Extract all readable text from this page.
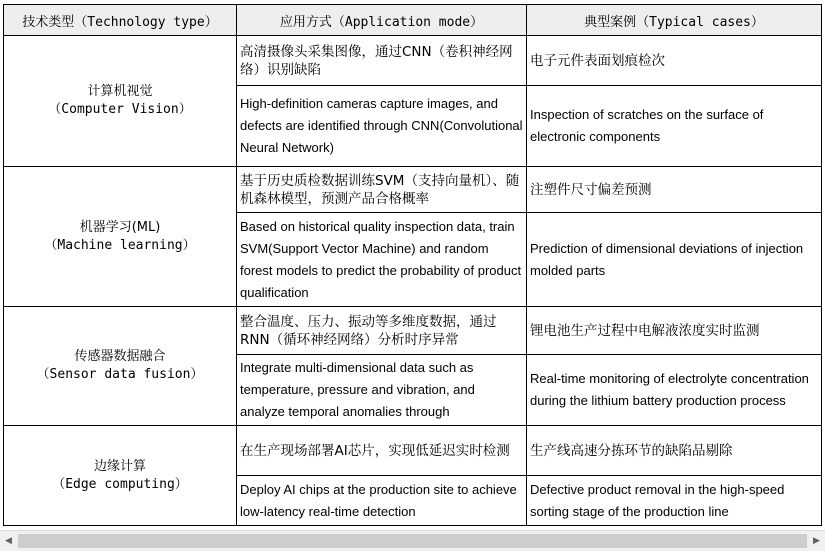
技术类型（Technology type）	应用方式（Application mode）	典型案例（Typical cases）

计算机视觉
（Computer Vision）	高清摄像头采集图像，通过CNN（卷积神经网络）识别缺陷	电子元件表面划痕检次
	High-definition cameras capture images, and defects are identified through CNN(Convolutional Neural Network)	Inspection of scratches on the surface of electronic components

机器学习(ML)
（Machine learning）	基于历史质检数据训练SVM（支持向量机）、随机森林模型，预测产品合格概率	注塑件尺寸偏差预测
	Based on historical quality inspection data, train SVM(Support Vector Machine) and random forest models to predict the probability of product qualification	Prediction of dimensional deviations of injection molded parts

传感器数据融合
（Sensor data fusion）	整合温度、压力、振动等多维度数据，通过RNN（循环神经网络）分析时序异常	锂电池生产过程中电解液浓度实时监测
	Integrate multi-dimensional data such as temperature, pressure and vibration, and analyze temporal anomalies through	Real-time monitoring of electrolyte concentration during the lithium battery production process

边缘计算
（Edge computing）	在生产现场部署AI芯片，实现低延迟实时检测	生产线高速分拣环节的缺陷品剔除
	Deploy AI chips at the production site to achieve low-latency real-time detection	Defective product removal in the high-speed sorting stage of the production line
◀	▶
